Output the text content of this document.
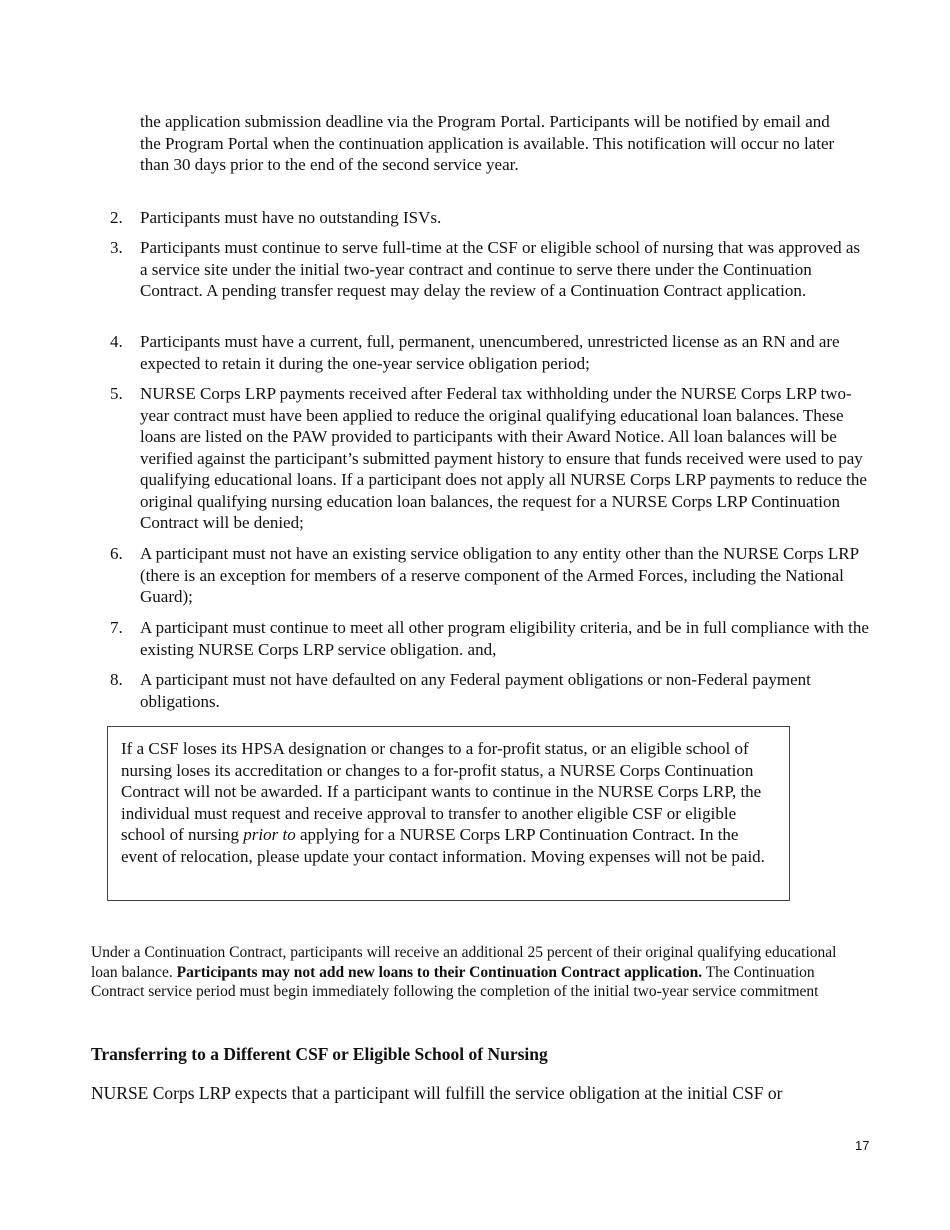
the application submission deadline via the Program Portal. Participants will be notified by email and the Program Portal when the continuation application is available. This notification will occur no later than 30 days prior to the end of the second service year.

2.	Participants must have no outstanding ISVs.
3.	Participants must continue to serve full-time at the CSF or eligible school of nursing that was approved as a service site under the initial two-year contract and continue to serve there under the Continuation Contract. A pending transfer request may delay the review of a Continuation Contract application.
4.	Participants must have a current, full, permanent, unencumbered, unrestricted license as an RN and are expected to retain it during the one-year service obligation period;
5.	NURSE Corps LRP payments received after Federal tax withholding under the NURSE Corps LRP two-year contract must have been applied to reduce the original qualifying educational loan balances. These loans are listed on the PAW provided to participants with their Award Notice. All loan balances will be verified against the participant’s submitted payment history to ensure that funds received were used to pay qualifying educational loans. If a participant does not apply all NURSE Corps LRP payments to reduce the original qualifying nursing education loan balances, the request for a NURSE Corps LRP Continuation Contract will be denied;
6.	A participant must not have an existing service obligation to any entity other than the NURSE Corps LRP (there is an exception for members of a reserve component of the Armed Forces, including the National Guard);
7.	A participant must continue to meet all other program eligibility criteria, and be in full compliance with the existing NURSE Corps LRP service obligation. and,
8.	A participant must not have defaulted on any Federal payment obligations or non-Federal payment obligations.

If a CSF loses its HPSA designation or changes to a for-profit status, or an eligible school of nursing loses its accreditation or changes to a for-profit status, a NURSE Corps Continuation Contract will not be awarded. If a participant wants to continue in the NURSE Corps LRP, the individual must request and receive approval to transfer to another eligible CSF or eligible school of nursing prior to applying for a NURSE Corps LRP Continuation Contract. In the event of relocation, please update your contact information. Moving expenses will not be paid.

Under a Continuation Contract, participants will receive an additional 25 percent of their original qualifying educational loan balance. Participants may not add new loans to their Continuation Contract application. The Continuation Contract service period must begin immediately following the completion of the initial two-year service commitment

Transferring to a Different CSF or Eligible School of Nursing

NURSE Corps LRP expects that a participant will fulfill the service obligation at the initial CSF or

17
